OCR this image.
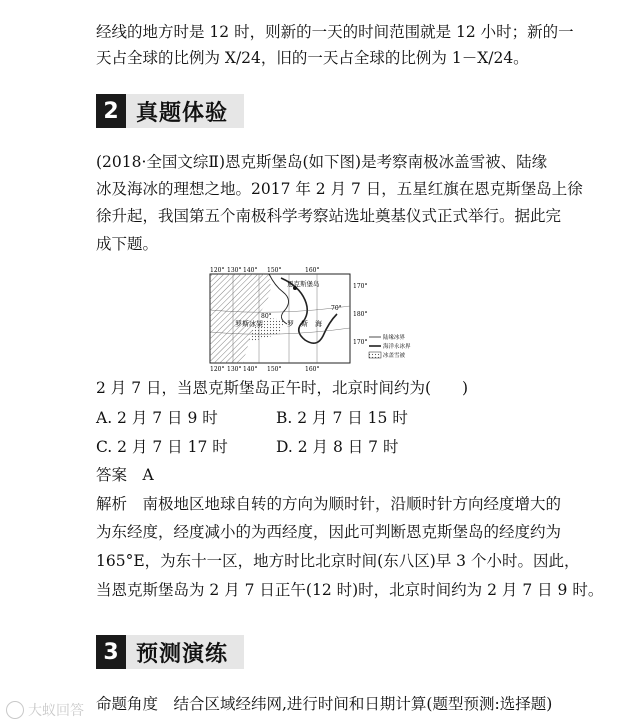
经线的地方时是 12 时，则新的一天的时间范围就是 12 小时；新的一
天占全球的比例为 X/24，旧的一天占全球的比例为 1－X/24。
2 真题体验
(2018·全国文综Ⅱ)恩克斯堡岛(如下图)是考察南极冰盖雪被、陆缘
冰及海冰的理想之地。2017 年 2 月 7 日，五星红旗在恩克斯堡岛上徐
徐升起，我国第五个南极科学考察站选址奠基仪式正式举行。据此完
成下题。
120° 130° 140° 150°	160°
120° 130° 140° 150°	160°
170°
180°
170°
80°
70°
恩克斯堡岛
罗斯冰架	罗 斯 海
陆缘冰界
海洋永冰界
冰盖雪被
2 月 7 日，当恩克斯堡岛正午时，北京时间约为(　　)
A. 2 月 7 日 9 时	B. 2 月 7 日 15 时
C. 2 月 7 日 17 时	D. 2 月 8 日 7 时
答案　A
解析　南极地区地球自转的方向为顺时针，沿顺时针方向经度增大的
为东经度，经度减小的为西经度，因此可判断恩克斯堡岛的经度约为
165°E，为东十一区，地方时比北京时间(东八区)早 3 个小时。因此，
当恩克斯堡岛为 2 月 7 日正午(12 时)时，北京时间约为 2 月 7 日 9 时。
3 预测演练
命题角度　结合区域经纬网,进行时间和日期计算(题型预测:选择题)
大蚁回答
